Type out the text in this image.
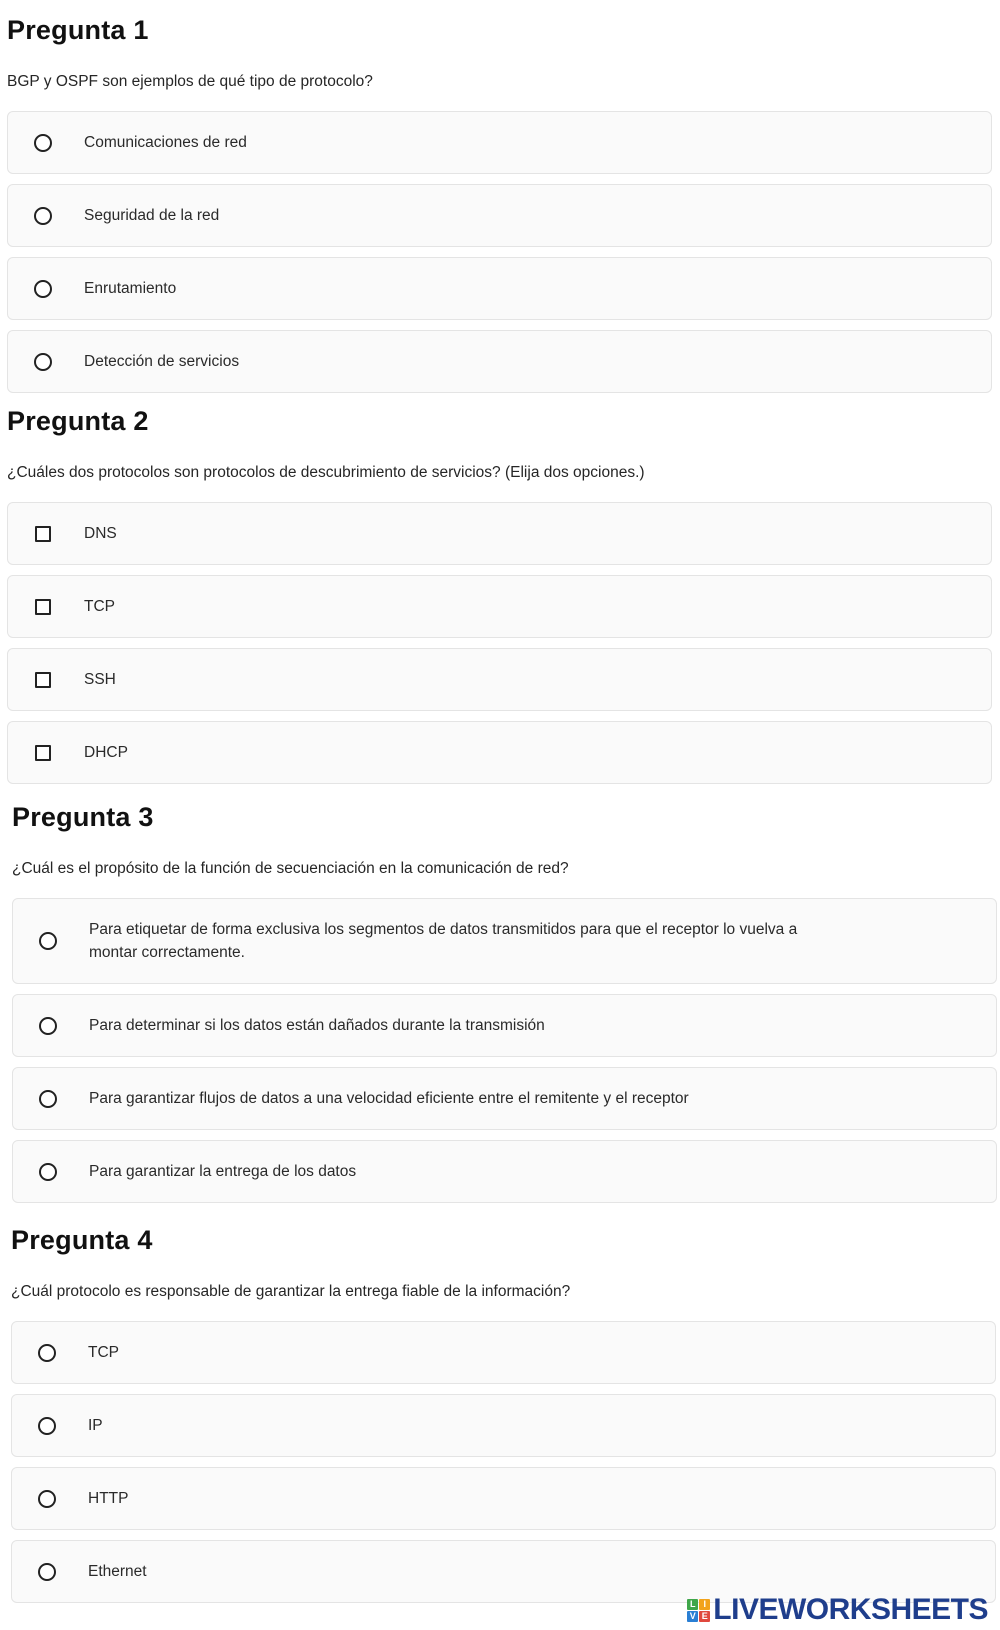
Pregunta 1

BGP y OSPF son ejemplos de qué tipo de protocolo?

Comunicaciones de red
Seguridad de la red
Enrutamiento
Detección de servicios
Pregunta 2

¿Cuáles dos protocolos son protocolos de descubrimiento de servicios? (Elija dos opciones.)

DNS
TCP
SSH
DHCP
Pregunta 3

¿Cuál es el propósito de la función de secuenciación en la comunicación de red?

Para etiquetar de forma exclusiva los segmentos de datos transmitidos para que el receptor lo vuelva a montar correctamente.
Para determinar si los datos están dañados durante la transmisión
Para garantizar flujos de datos a una velocidad eficiente entre el remitente y el receptor
Para garantizar la entrega de los datos
Pregunta 4

¿Cuál protocolo es responsable de garantizar la entrega fiable de la información?

TCP
IP
HTTP
Ethernet
L I
V E LIVEWORKSHEETS
